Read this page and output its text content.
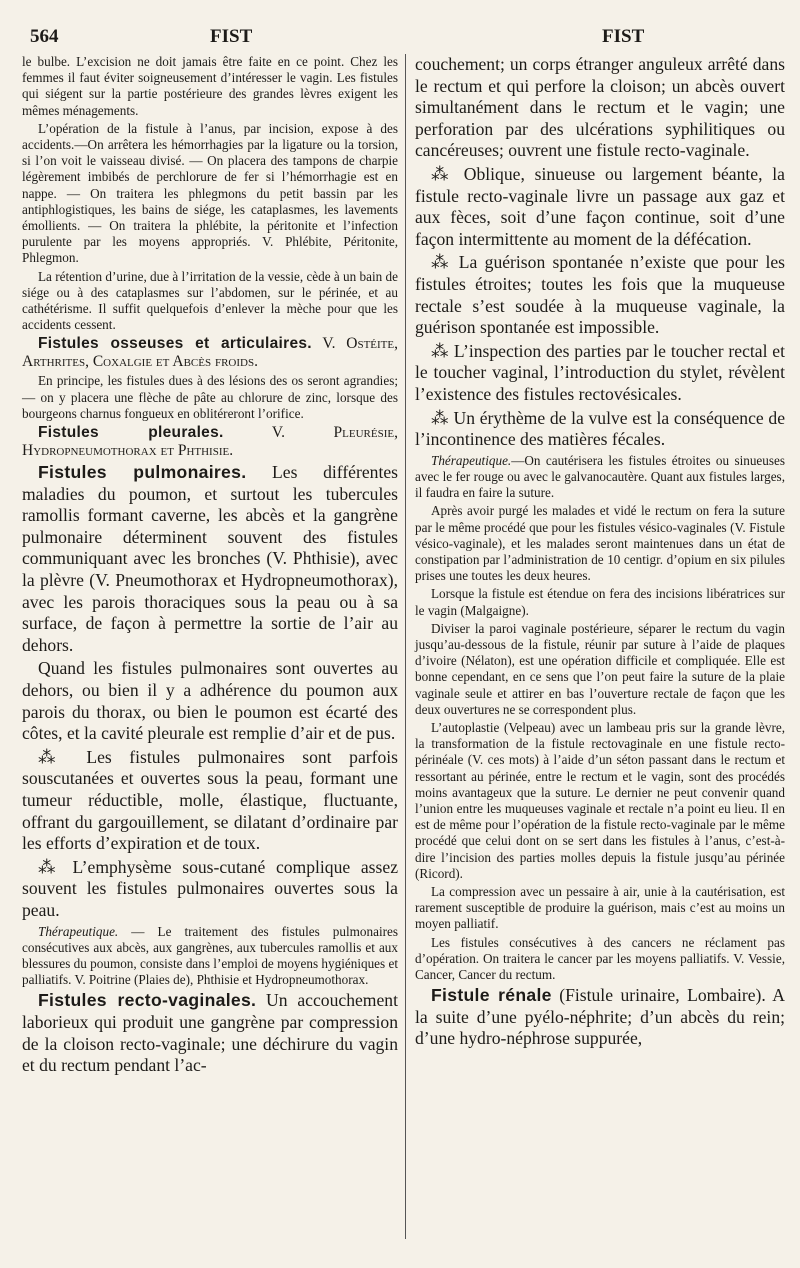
564	FIST	FIST

le bulbe. L’excision ne doit jamais être faite en ce point. Chez les femmes il faut éviter soigneusement d’intéresser le vagin. Les fistules qui siégent sur la partie postérieure des grandes lèvres exigent les mêmes ménagements.

L’opération de la fistule à l’anus, par incision, expose à des accidents.—On arrêtera les hémorrhagies par la ligature ou la torsion, si l’on voit le vaisseau divisé. — On placera des tampons de charpie légèrement imbibés de perchlorure de fer si l’hémorrhagie est en nappe. — On traitera les phlegmons du petit bassin par les antiphlogistiques, les bains de siége, les cataplasmes, les lavements émollients. — On traitera la phlébite, la péritonite et l’infection purulente par les moyens appropriés. V. Phlébite, Péritonite, Phlegmon.

La rétention d’urine, due à l’irritation de la vessie, cède à un bain de siége ou à des cataplasmes sur l’abdomen, sur le périnée, et au cathétérisme. Il suffit quelquefois d’enlever la mèche pour que les accidents cessent.

Fistules osseuses et articulaires. V. Ostéite, Arthrites, Coxalgie et Abcès froids.

En principe, les fistules dues à des lésions des os seront agrandies; — on y placera une flèche de pâte au chlorure de zinc, lorsque des bourgeons charnus fongueux en oblitéreront l’orifice.

Fistules pleurales. V. Pleurésie, Hydropneumothorax et Phthisie.

Fistules pulmonaires. Les différentes maladies du poumon, et surtout les tubercules ramollis formant caverne, les abcès et la gangrène pulmonaire déterminent souvent des fistules communiquant avec les bronches (V. Phthisie), avec la plèvre (V. Pneumothorax et Hydropneumothorax), avec les parois thoraciques sous la peau ou à sa surface, de façon à permettre la sortie de l’air au dehors.

Quand les fistules pulmonaires sont ouvertes au dehors, ou bien il y a adhérence du poumon aux parois du thorax, ou bien le poumon est écarté des côtes, et la cavité pleurale est remplie d’air et de pus.

⁂ Les fistules pulmonaires sont parfois souscutanées et ouvertes sous la peau, formant une tumeur réductible, molle, élastique, fluctuante, offrant du gargouillement, se dilatant d’ordinaire par les efforts d’expiration et de toux.

⁂ L’emphysème sous-cutané complique assez souvent les fistules pulmonaires ouvertes sous la peau.

Thérapeutique. — Le traitement des fistules pulmonaires consécutives aux abcès, aux gangrènes, aux tubercules ramollis et aux blessures du poumon, consiste dans l’emploi de moyens hygiéniques et palliatifs. V. Poitrine (Plaies de), Phthisie et Hydropneumothorax.

Fistules recto-vaginales. Un accouchement laborieux qui produit une gangrène par compression de la cloison recto-vaginale; une déchirure du vagin et du rectum pendant l’ac-

couchement; un corps étranger anguleux arrêté dans le rectum et qui perfore la cloison; un abcès ouvert simultanément dans le rectum et le vagin; une perforation par des ulcérations syphilitiques ou cancéreuses; ouvrent une fistule recto-vaginale.

⁂ Oblique, sinueuse ou largement béante, la fistule recto-vaginale livre un passage aux gaz et aux fèces, soit d’une façon continue, soit d’une façon intermittente au moment de la défécation.

⁂ La guérison spontanée n’existe que pour les fistules étroites; toutes les fois que la muqueuse rectale s’est soudée à la muqueuse vaginale, la guérison spontanée est impossible.

⁂ L’inspection des parties par le toucher rectal et le toucher vaginal, l’introduction du stylet, révèlent l’existence des fistules rectovésicales.

⁂ Un érythème de la vulve est la conséquence de l’incontinence des matières fécales.

Thérapeutique.—On cautérisera les fistules étroites ou sinueuses avec le fer rouge ou avec le galvanocautère. Quant aux fistules larges, il faudra en faire la suture.

Après avoir purgé les malades et vidé le rectum on fera la suture par le même procédé que pour les fistules vésico-vaginales (V. Fistule vésico-vaginale), et les malades seront maintenues dans un état de constipation par l’administration de 10 centigr. d’opium en six pilules prises une toutes les deux heures.

Lorsque la fistule est étendue on fera des incisions libératrices sur le vagin (Malgaigne).

Diviser la paroi vaginale postérieure, séparer le rectum du vagin jusqu’au-dessous de la fistule, réunir par suture à l’aide de plaques d’ivoire (Nélaton), est une opération difficile et compliquée. Elle est bonne cependant, en ce sens que l’on peut faire la suture de la plaie vaginale seule et attirer en bas l’ouverture rectale de façon que les deux ouvertures ne se correspondent plus.

L’autoplastie (Velpeau) avec un lambeau pris sur la grande lèvre, la transformation de la fistule rectovaginale en une fistule recto-périnéale (V. ces mots) à l’aide d’un séton passant dans le rectum et ressortant au périnée, entre le rectum et le vagin, sont des procédés moins avantageux que la suture. Le dernier ne peut convenir quand l’union entre les muqueuses vaginale et rectale n’a point eu lieu. Il en est de même pour l’opération de la fistule recto-vaginale par le même procédé que celui dont on se sert dans les fistules à l’anus, c’est-à-dire l’incision des parties molles depuis la fistule jusqu’au périnée (Ricord).

La compression avec un pessaire à air, unie à la cautérisation, est rarement susceptible de produire la guérison, mais c’est au moins un moyen palliatif.

Les fistules consécutives à des cancers ne réclament pas d’opération. On traitera le cancer par les moyens palliatifs. V. Vessie, Cancer, Cancer du rectum.

Fistule rénale (Fistule urinaire, Lombaire). A la suite d’une pyélo-néphrite; d’un abcès du rein; d’une hydro-néphrose suppurée,
